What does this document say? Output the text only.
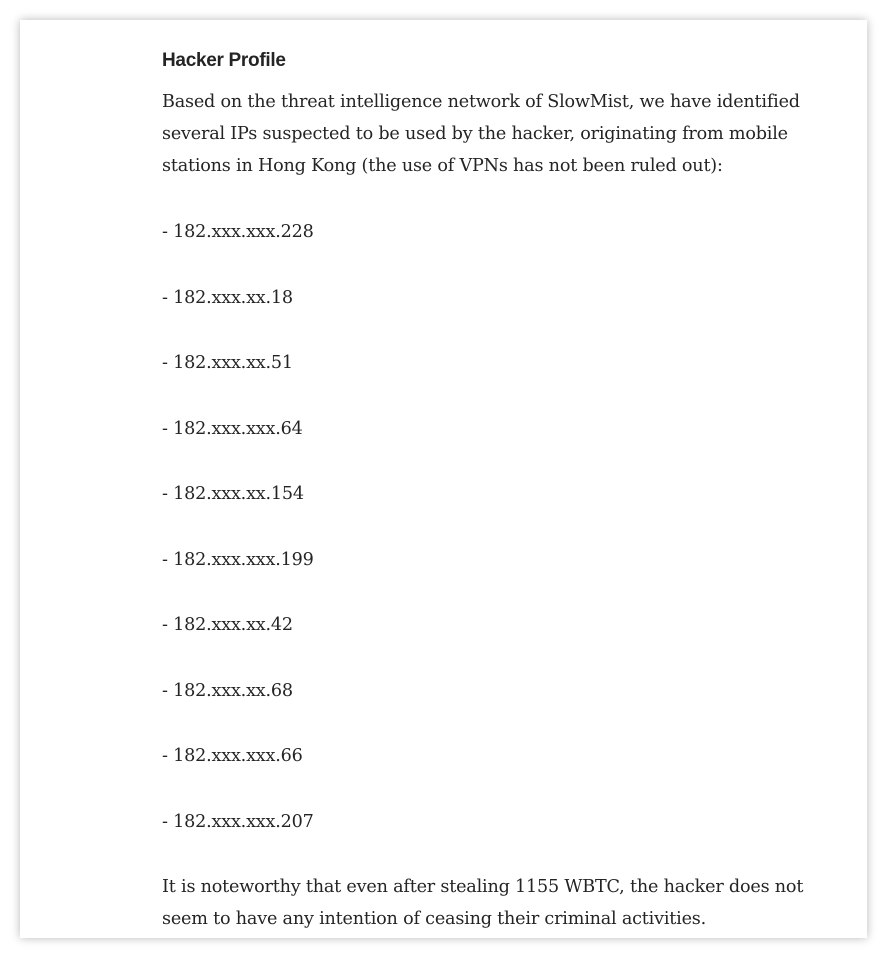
Hacker Profile

Based on the threat intelligence network of SlowMist, we have identified several IPs suspected to be used by the hacker, originating from mobile stations in Hong Kong (the use of VPNs has not been ruled out):

- 182.xxx.xxx.228
- 182.xxx.xx.18
- 182.xxx.xx.51
- 182.xxx.xxx.64
- 182.xxx.xx.154
- 182.xxx.xxx.199
- 182.xxx.xx.42
- 182.xxx.xx.68
- 182.xxx.xxx.66
- 182.xxx.xxx.207

It is noteworthy that even after stealing 1155 WBTC, the hacker does not seem to have any intention of ceasing their criminal activities.
